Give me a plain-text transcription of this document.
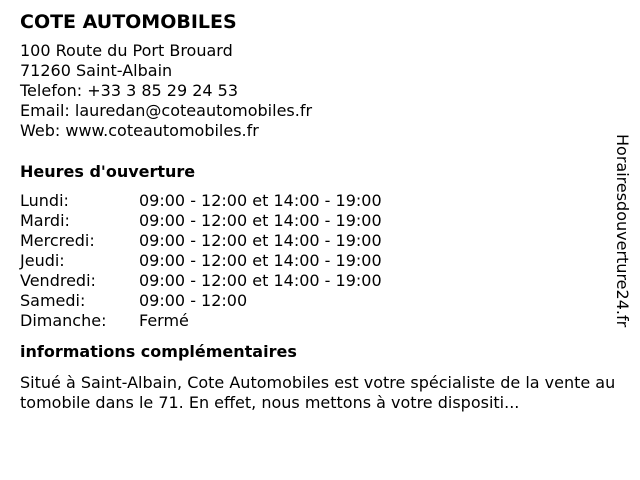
COTE AUTOMOBILES
100 Route du Port Brouard
71260 Saint-Albain
Telefon: +33 3 85 29 24 53
Email: lauredan@coteautomobiles.fr
Web: www.coteautomobiles.fr
Heures d'ouverture
Lundi:	09:00 - 12:00 et 14:00 - 19:00
Mardi:	09:00 - 12:00 et 14:00 - 19:00
Mercredi:	09:00 - 12:00 et 14:00 - 19:00
Jeudi:	09:00 - 12:00 et 14:00 - 19:00
Vendredi:	09:00 - 12:00 et 14:00 - 19:00
Samedi:	09:00 - 12:00
Dimanche: Fermé
informations complémentaires
Situé à Saint-Albain, Cote Automobiles est votre spécialiste de la vente automobile dans le 71. En effet, nous mettons à votre dispositi...
Horairesdouverture24.fr
